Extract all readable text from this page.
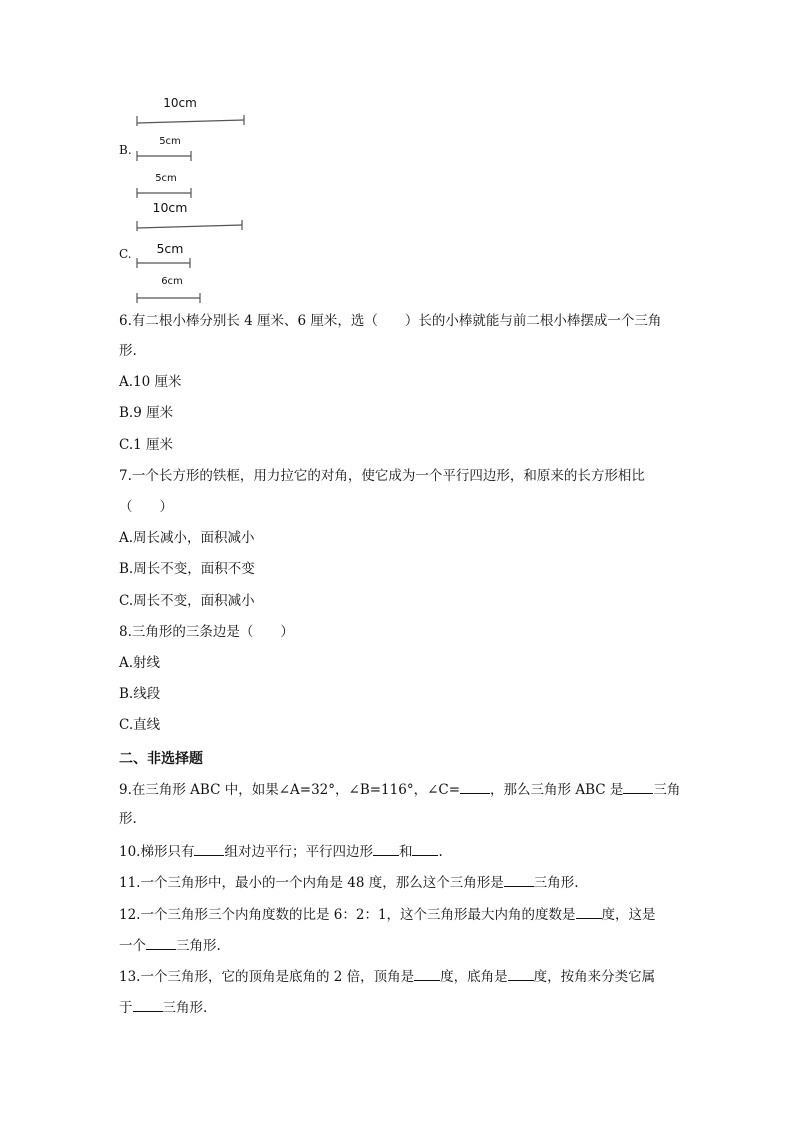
10cm
B.
5cm
5cm
10cm
C.	5cm
6cm
6.有二根小棒分别长 4 厘米、6 厘米，选（　　）长的小棒就能与前二根小棒摆成一个三角
形.
A.10 厘米
B.9 厘米
C.1 厘米
7.一个长方形的铁框，用力拉它的对角，使它成为一个平行四边形，和原来的长方形相比
（　　）
A.周长减小，面积减小
B.周长不变，面积不变
C.周长不变，面积减小
8.三角形的三条边是（　　）
A.射线
B.线段
C.直线
二、非选择题
9.在三角形 ABC 中，如果∠A=32°，∠B=116°，∠C= ，那么三角形 ABC 是 三角
形.
10.梯形只有 组对边平行；平行四边形 和 .
11.一个三角形中，最小的一个内角是 48 度，那么这个三角形是 三角形.
12.一个三角形三个内角度数的比是 6：2：1，这个三角形最大内角的度数是 度，这是
一个 三角形.
13.一个三角形，它的顶角是底角的 2 倍，顶角是 度，底角是 度，按角来分类它属
于 三角形.
